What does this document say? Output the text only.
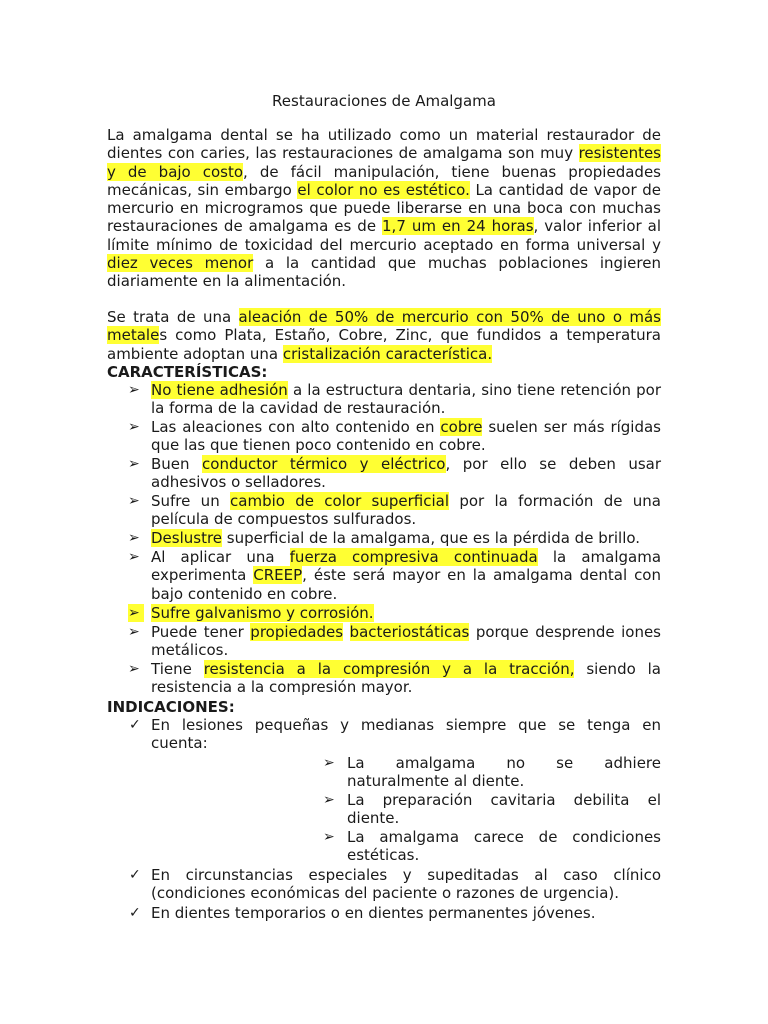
Restauraciones de Amalgama
La amalgama dental se ha utilizado como un material restaurador de
dientes con caries, las restauraciones de amalgama son muy resistentes
y de bajo costo, de fácil manipulación, tiene buenas propiedades
mecánicas, sin embargo el color no es estético. La cantidad de vapor de
mercurio en microgramos que puede liberarse en una boca con muchas
restauraciones de amalgama es de 1,7 um en 24 horas, valor inferior al
límite mínimo de toxicidad del mercurio aceptado en forma universal y
diez veces menor a la cantidad que muchas poblaciones ingieren
diariamente en la alimentación.
Se trata de una aleación de 50% de mercurio con 50% de uno o más
metales como Plata, Estaño, Cobre, Zinc, que fundidos a temperatura
ambiente adoptan una cristalización característica.
CARACTERÍSTICAS:
➢ No tiene adhesión a la estructura dentaria, sino tiene retención por
la forma de la cavidad de restauración.
➢ Las aleaciones con alto contenido en cobre suelen ser más rígidas
que las que tienen poco contenido en cobre.
➢ Buen conductor térmico y eléctrico, por ello se deben usar
adhesivos o selladores.
➢ Sufre un cambio de color superficial por la formación de una
película de compuestos sulfurados.
➢ Deslustre superficial de la amalgama, que es la pérdida de brillo.
➢ Al aplicar una fuerza compresiva continuada la amalgama
experimenta CREEP, éste será mayor en la amalgama dental con
bajo contenido en cobre.
➢ Sufre galvanismo y corrosión.
➢ Puede tener propiedades bacteriostáticas porque desprende iones
metálicos.
➢ Tiene resistencia a la compresión y a la tracción, siendo la
resistencia a la compresión mayor.
INDICACIONES:
✓ En lesiones pequeñas y medianas siempre que se tenga en
cuenta:
➢ La amalgama no se adhiere
naturalmente al diente.
➢ La preparación cavitaria debilita el
diente.
➢ La amalgama carece de condiciones
estéticas.
✓ En circunstancias especiales y supeditadas al caso clínico
(condiciones económicas del paciente o razones de urgencia).
✓ En dientes temporarios o en dientes permanentes jóvenes.
